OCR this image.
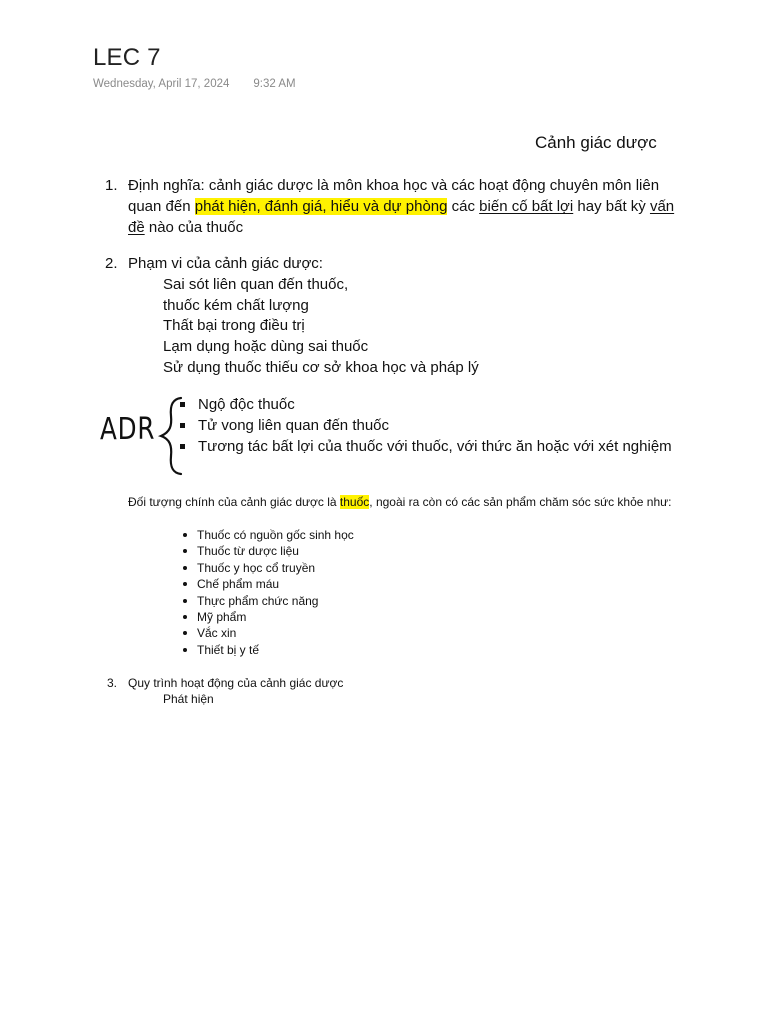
LEC 7
Wednesday, April 17, 2024 9:32 AM
Cảnh giác dược
1. Định nghĩa: cảnh giác dược là môn khoa học và các hoạt động chuyên môn liên quan đến phát hiện, đánh giá, hiểu và dự phòng các biến cố bất lợi hay bất kỳ vấn đề nào của thuốc
2. Phạm vi của cảnh giác dược:
Sai sót liên quan đến thuốc,
thuốc kém chất lượng
Thất bại trong điều trị
Lạm dụng hoặc dùng sai thuốc
Sử dụng thuốc thiếu cơ sở khoa học và pháp lý
ADR
Ngộ độc thuốc
Tử vong liên quan đến thuốc
Tương tác bất lợi của thuốc với thuốc, với thức ăn hoặc với xét nghiệm
Đối tượng chính của cảnh giác dược là thuốc, ngoài ra còn có các sản phẩm chăm sóc sức khỏe như:
Thuốc có nguồn gốc sinh học
Thuốc từ dược liệu
Thuốc y học cổ truyền
Chế phẩm máu
Thực phẩm chức năng
Mỹ phẩm
Vắc xin
Thiết bị y tế
3. Quy trình hoạt động của cảnh giác dược
Phát hiện
